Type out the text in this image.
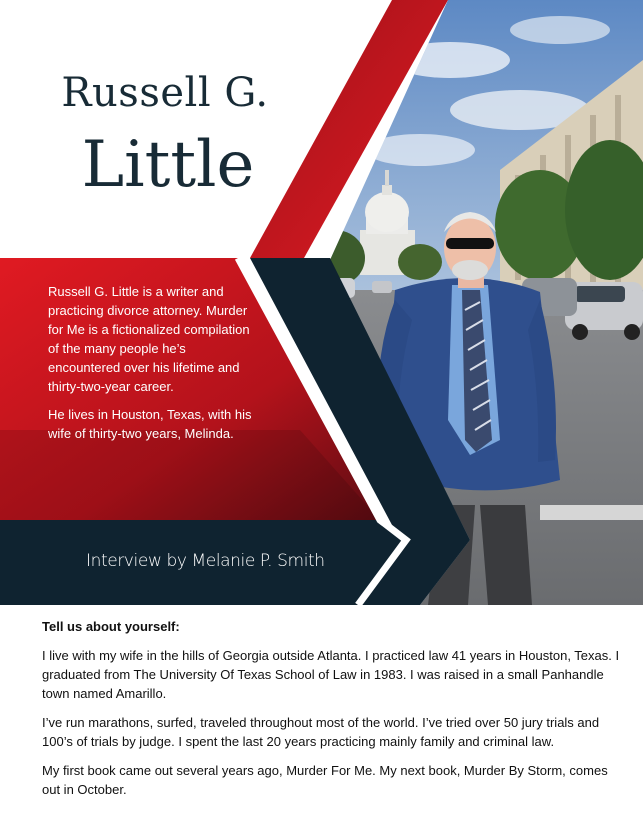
Russell G.
Little

Russell G. Little is a writer and practicing divorce attorney. Murder for Me is a fictionalized compilation of the many people he’s encountered over his lifetime and thirty-two-year career.

He lives in Houston, Texas, with his wife of thirty-two years, Melinda.

Interview by Melanie P. Smith
Tell us about yourself:

I live with my wife in the hills of Georgia outside Atlanta. I practiced law 41 years in Houston, Texas. I graduated from The University Of Texas School of Law in 1983. I was raised in a small Panhandle town named Amarillo.

I’ve run marathons, surfed, traveled throughout most of the world. I’ve tried over 50 jury trials and 100’s of trials by judge. I spent the last 20 years practicing mainly family and criminal law.

My first book came out several years ago, Murder For Me. My next book, Murder By Storm, comes out in October.
